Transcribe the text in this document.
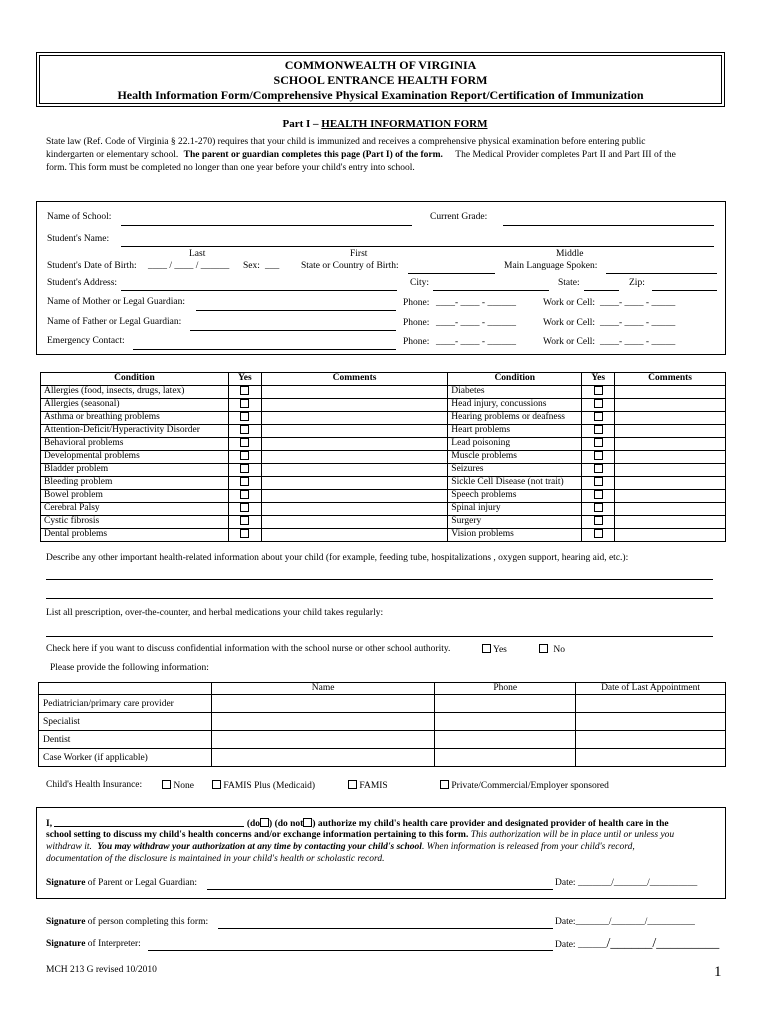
COMMONWEALTH OF VIRGINIA
SCHOOL ENTRANCE HEALTH FORM
Health Information Form/Comprehensive Physical Examination Report/Certification of Immunization
Part I – HEALTH INFORMATION FORM
State law (Ref. Code of Virginia § 22.1-270) requires that your child is immunized and receives a comprehensive physical examination before entering public
kindergarten or elementary school. The parent or guardian completes this page (Part I) of the form. The Medical Provider completes Part II and Part III of the
form. This form must be completed no longer than one year before your child's entry into school.
Name of School:	Current Grade:
Student's Name:
Last	First	Middle
Student's Date of Birth: ____ / ____ / ______ Sex: ___ State or Country of Birth:	Main Language Spoken:
Student's Address:	City:	State:	Zip:
Name of Mother or Legal Guardian:	Phone: ____- ____ - ______	Work or Cell: ____- ____ - _____
Name of Father or Legal Guardian:	Phone: ____- ____ - ______	Work or Cell: ____- ____ - _____
Emergency Contact:	Phone: ____- ____ - ______	Work or Cell: ____- ____ - _____
Condition	Yes	Comments	Condition	Yes	Comments
Allergies (food, insects, drugs, latex)			Diabetes		
Allergies (seasonal)			Head injury, concussions		
Asthma or breathing problems			Hearing problems or deafness		
Attention-Deficit/Hyperactivity Disorder			Heart problems		
Behavioral problems			Lead poisoning		
Developmental problems			Muscle problems		
Bladder problem			Seizures		
Bleeding problem			Sickle Cell Disease (not trait)		
Bowel problem			Speech problems		
Cerebral Palsy			Spinal injury		
Cystic fibrosis			Surgery		
Dental problems			Vision problems		
Describe any other important health-related information about your child (for example, feeding tube, hospitalizations , oxygen support, hearing aid, etc.):
List all prescription, over-the-counter, and herbal medications your child takes regularly:
Check here if you want to discuss confidential information with the school nurse or other school authority.	Yes	No
Please provide the following information:
	Name	Phone	Date of Last Appointment
Pediatrician/primary care provider			
Specialist			
Dentist			
Case Worker (if applicable)			
Child's Health Insurance:	None	FAMIS Plus (Medicaid)	FAMIS	Private/Commercial/Employer sponsored
I,	(do ) (do not ) authorize my child's health care provider and designated provider of health care in the
school setting to discuss my child's health concerns and/or exchange information pertaining to this form. This authorization will be in place until or unless you
withdraw it. You may withdraw your authorization at any time by contacting your child's school. When information is released from your child's record,
documentation of the disclosure is maintained in your child's health or scholastic record.
Signature of Parent or Legal Guardian:	Date: _______/_______/__________
Signature of person completing this form:	Date:_______/_______/__________
Signature of Interpreter:	Date: ______/______/_________
MCH 213 G revised 10/2010	1
